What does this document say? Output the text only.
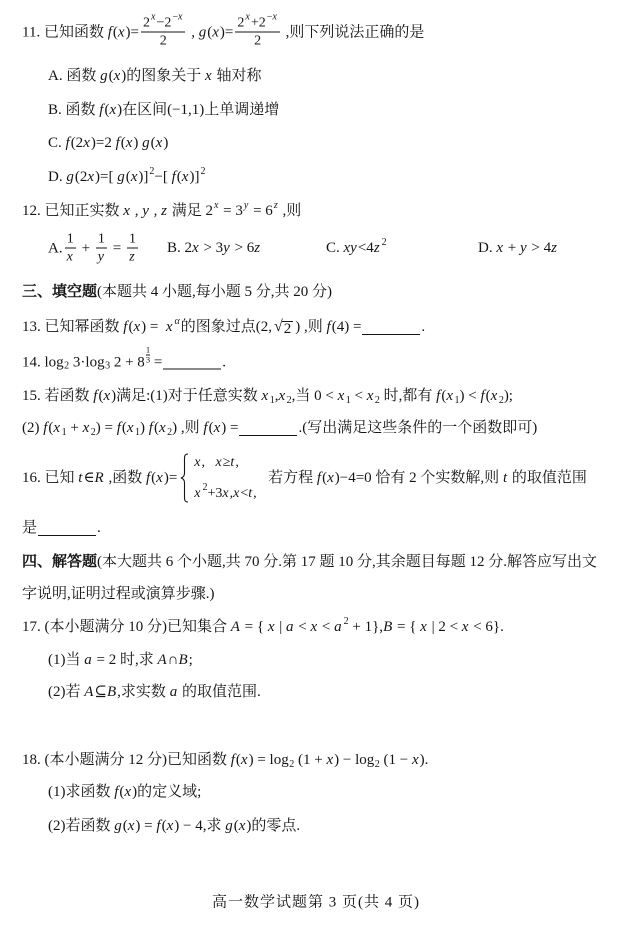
11. 已知函数 f ( x )= $\frac{2 x -2 - x}{2}$ , g ( x )= $\frac{2 x +2 - x}{2}$ ,则下列说法正确的是
A. 函数 g ( x )的图象关于 x 轴对称
B. 函数 f ( x )在区间(−1,1)上单调递增
C. f (2 x )=2 f ( x ) g ( x )
D. g (2 x )=[ g ( x )] 2 −[ f ( x )] 2
12. 已知正实数 x , y , z 满足 2 x = 3 y = 6 z ,则
A. $\frac{1}{x} + \frac{1}{y} = \frac{1}{z} B$. 2 x > 3 y > 6 z	C. xy <4 z 2	D. x + y > 4 z
三、填空题 (本题共 4 小题,每小题 5 分,共 20 分)
13. 已知幂函数 f ( x ) = x α 的图象过点(2, √ 2 ) ,则 f (4) =	.
14. log 2 3·log 3 $2 + 8 \frac{1}{3}$ =	.
15. 若函数 f ( x )满足:(1)对于任意实数 x 1 , x 2 ,当 0 < x 1 < x 2 时,都有 f ( x 1 ) < f ( x 2 );
(2) f ( x 1 + x 2 ) = f ( x 1 ) f ( x 2 ) ,则 f ( x ) =	.(写出满足这些条件的一个函数即可)
16. 已知 t ∈ R ,函数 f ( x )=
x , x ≥ t ,
x 2 +3 x , x < t ,
若方程 f ( x )−4=0 恰有 2 个实数解,则 t 的取值范围
是	.
四、解答题 (本大题共 6 个小题,共 70 分.第 17 题 10 分,其余题目每题 12 分.解答应写出文
字说明,证明过程或演算步骤.)
17. (本小题满分 10 分)已知集合 A = { x | a < x < a 2 + 1}, B = { x | 2 < x < 6}.
(1)当 a = 2 时,求 A ∩ B ;
(2)若 A ⊆ B ,求实数 a 的取值范围.
18. (本小题满分 12 分)已知函数 f ( x ) = log 2 (1 + x ) − log 2 (1 − x ).
(1)求函数 f ( x )的定义域;
(2)若函数 g ( x ) = f ( x ) − 4,求 g ( x )的零点.
高一数学试题第 3 页(共 4 页)
